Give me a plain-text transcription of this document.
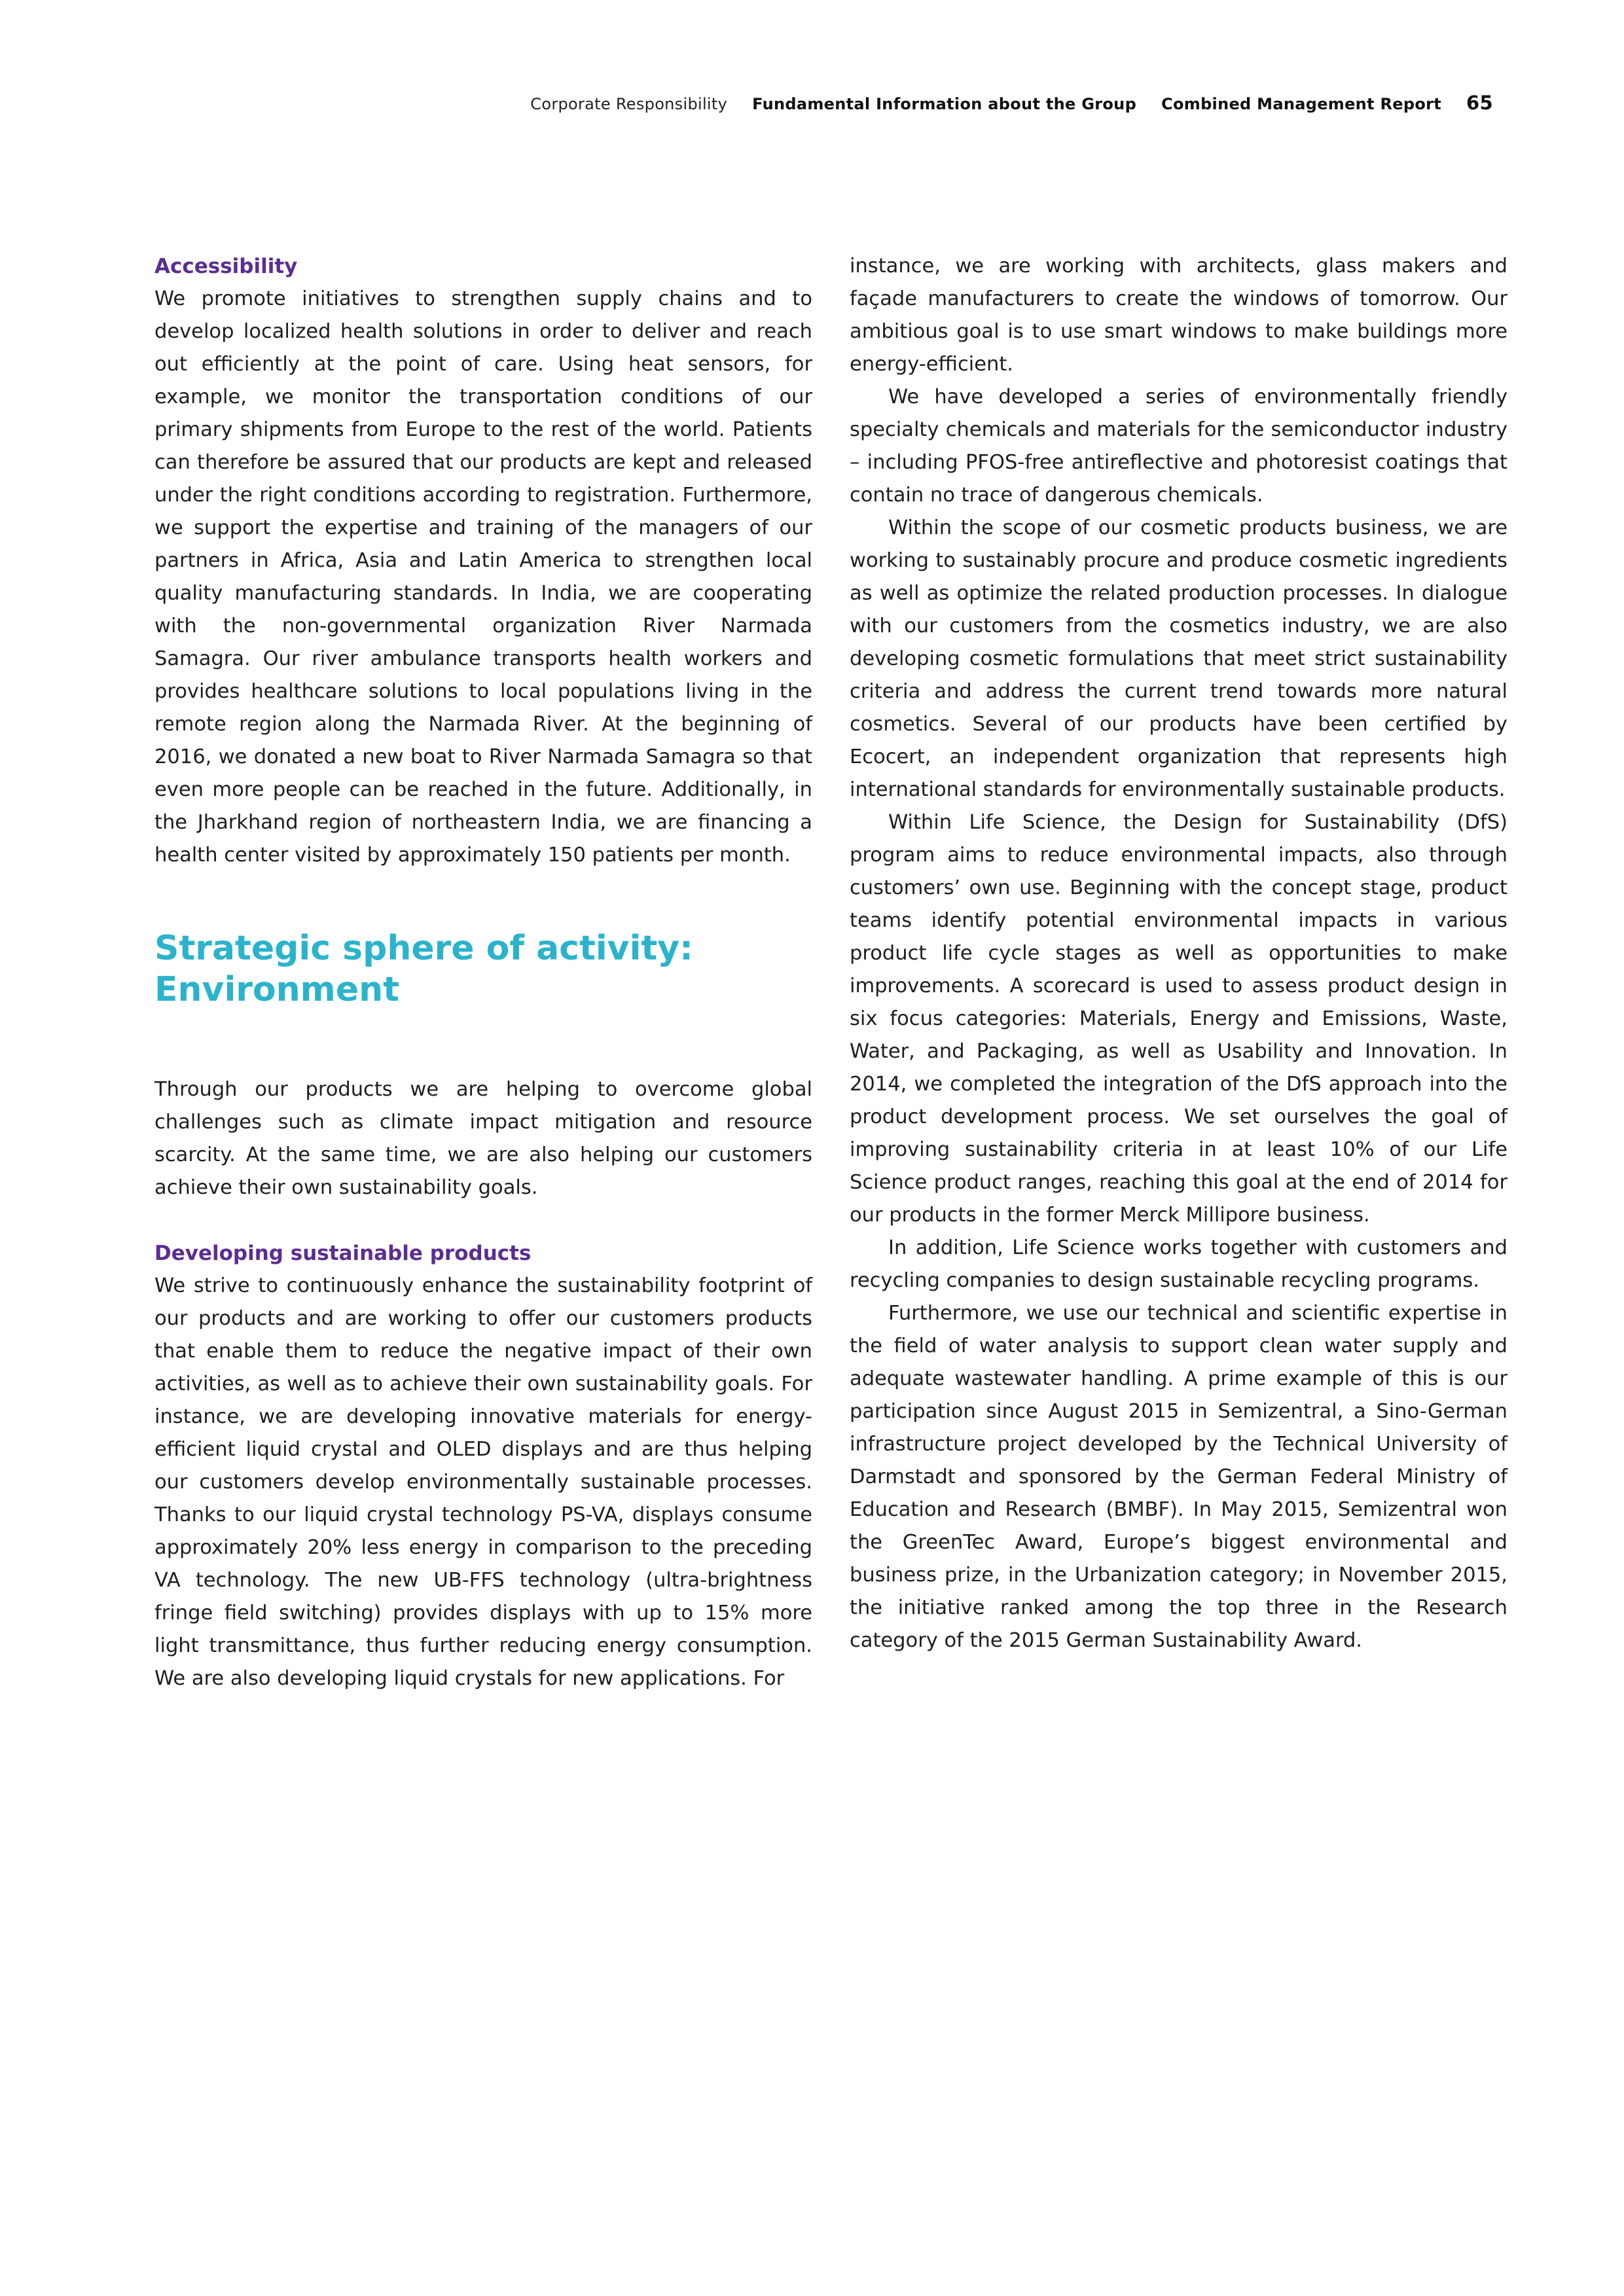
Corporate Responsibility Fundamental Information about the Group Combined Management Report 65
Accessibility

We promote initiatives to strengthen supply chains and to develop localized health solutions in order to deliver and reach out efficiently at the point of care. Using heat sensors, for example, we monitor the transportation conditions of our primary shipments from Europe to the rest of the world. Patients can therefore be assured that our products are kept and released under the right conditions according to registration. Furthermore, we support the expertise and training of the managers of our partners in Africa, Asia and Latin America to strengthen local quality manufacturing standards. In India, we are cooperating with the non-governmental organization River Narmada Samagra. Our river ambulance transports health workers and provides healthcare solutions to local populations living in the remote region along the Narmada River. At the beginning of 2016, we donated a new boat to River Narmada Samagra so that even more people can be reached in the future. Additionally, in the Jharkhand region of northeastern India, we are financing a health center visited by approximately 150 patients per month.

Strategic sphere of activity:
Environment

Through our products we are helping to overcome global challenges such as climate impact mitigation and resource scarcity. At the same time, we are also helping our customers achieve their own sustainability goals.

Developing sustainable products

We strive to continuously enhance the sustainability footprint of our products and are working to offer our customers products that enable them to reduce the negative impact of their own activities, as well as to achieve their own sustainability goals. For instance, we are developing innovative materials for energy-efficient liquid crystal and OLED displays and are thus helping our customers develop environmentally sustainable processes. Thanks to our liquid crystal technology PS-VA, displays consume approximately 20% less energy in comparison to the preceding VA technology. The new UB-FFS technology (ultra-brightness fringe field switching) provides displays with up to 15% more light transmittance, thus further reducing energy consumption. We are also developing liquid crystals for new applications. For

instance, we are working with architects, glass makers and façade manufacturers to create the windows of tomorrow. Our ambitious goal is to use smart windows to make buildings more energy-efficient.

We have developed a series of environmentally friendly specialty chemicals and materials for the semiconductor industry – including PFOS-free antireflective and photoresist coatings that contain no trace of dangerous chemicals.

Within the scope of our cosmetic products business, we are working to sustainably procure and produce cosmetic ingredients as well as optimize the related production processes. In dialogue with our customers from the cosmetics industry, we are also developing cosmetic formulations that meet strict sustainability criteria and address the current trend towards more natural cosmetics. Several of our products have been certified by Ecocert, an independent organization that represents high international standards for environmentally sustainable products.

Within Life Science, the Design for Sustainability (DfS) program aims to reduce environmental impacts, also through customers’ own use. Beginning with the concept stage, product teams identify potential environmental impacts in various product life cycle stages as well as opportunities to make improvements. A scorecard is used to assess product design in six focus categories: Materials, Energy and Emissions, Waste, Water, and Packaging, as well as Usability and Innovation. In 2014, we completed the integration of the DfS approach into the product development process. We set ourselves the goal of improving sustainability criteria in at least 10% of our Life Science product ranges, reaching this goal at the end of 2014 for our products in the former Merck Millipore business.

In addition, Life Science works together with customers and recycling companies to design sustainable recycling programs.

Furthermore, we use our technical and scientific expertise in the field of water analysis to support clean water supply and adequate wastewater handling. A prime example of this is our participation since August 2015 in Semizentral, a Sino-German infrastructure project developed by the Technical University of Darmstadt and sponsored by the German Federal Ministry of Education and Research (BMBF). In May 2015, Semizentral won the GreenTec Award, Europe’s biggest environmental and business prize, in the Urbanization category; in November 2015, the initiative ranked among the top three in the Research category of the 2015 German Sustainability Award.
